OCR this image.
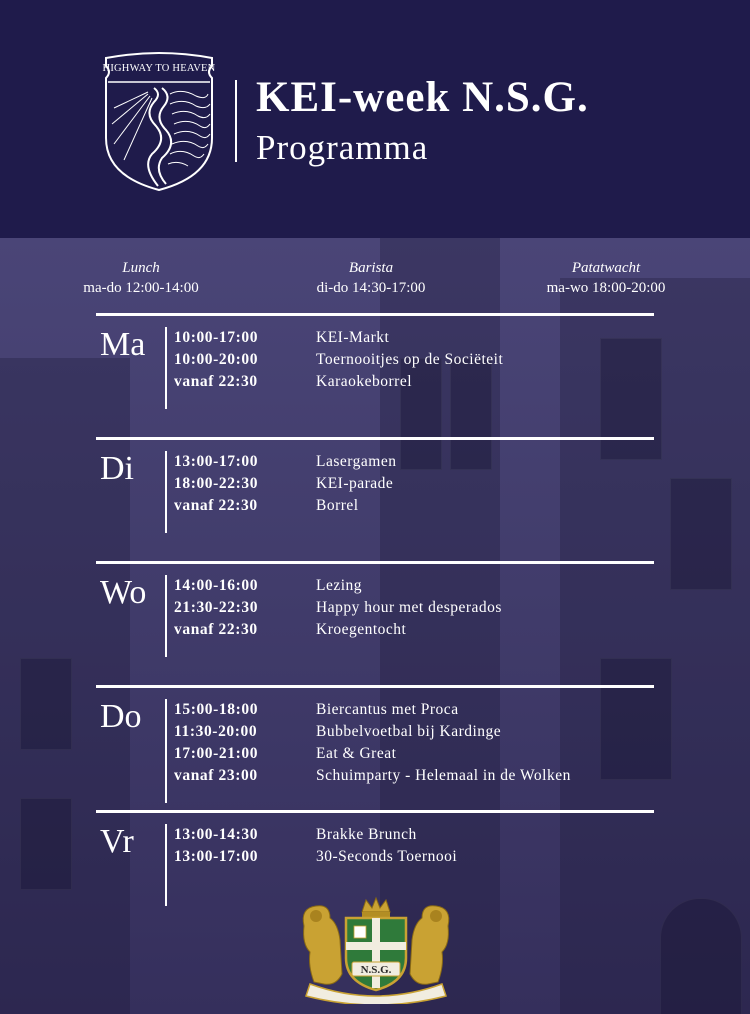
HIGHWAY TO HEAVEN
KEI-week N.S.G.
Programma
Lunch
ma-do 12:00-14:00
Barista
di-do 14:30-17:00
Patatwacht
ma-wo 18:00-20:00
Ma 10:00-17:00	KEI-Markt
10:00-20:00	Toernooitjes op de Sociëteit
vanaf 22:30	Karaokeborrel
Di	13:00-17:00	Lasergamen
18:00-22:30	KEI-parade
vanaf 22:30	Borrel
Wo 14:00-16:00	Lezing
21:30-22:30	Happy hour met desperados
vanaf 22:30	Kroegentocht
Do 15:00-18:00	Biercantus met Proca
11:30-20:00	Bubbelvoetbal bij Kardinge
17:00-21:00	Eat & Great
vanaf 23:00	Schuimparty - Helemaal in de Wolken
Vr	13:00-14:30	Brakke Brunch
13:00-17:00	30-Seconds Toernooi
N.S.G.
